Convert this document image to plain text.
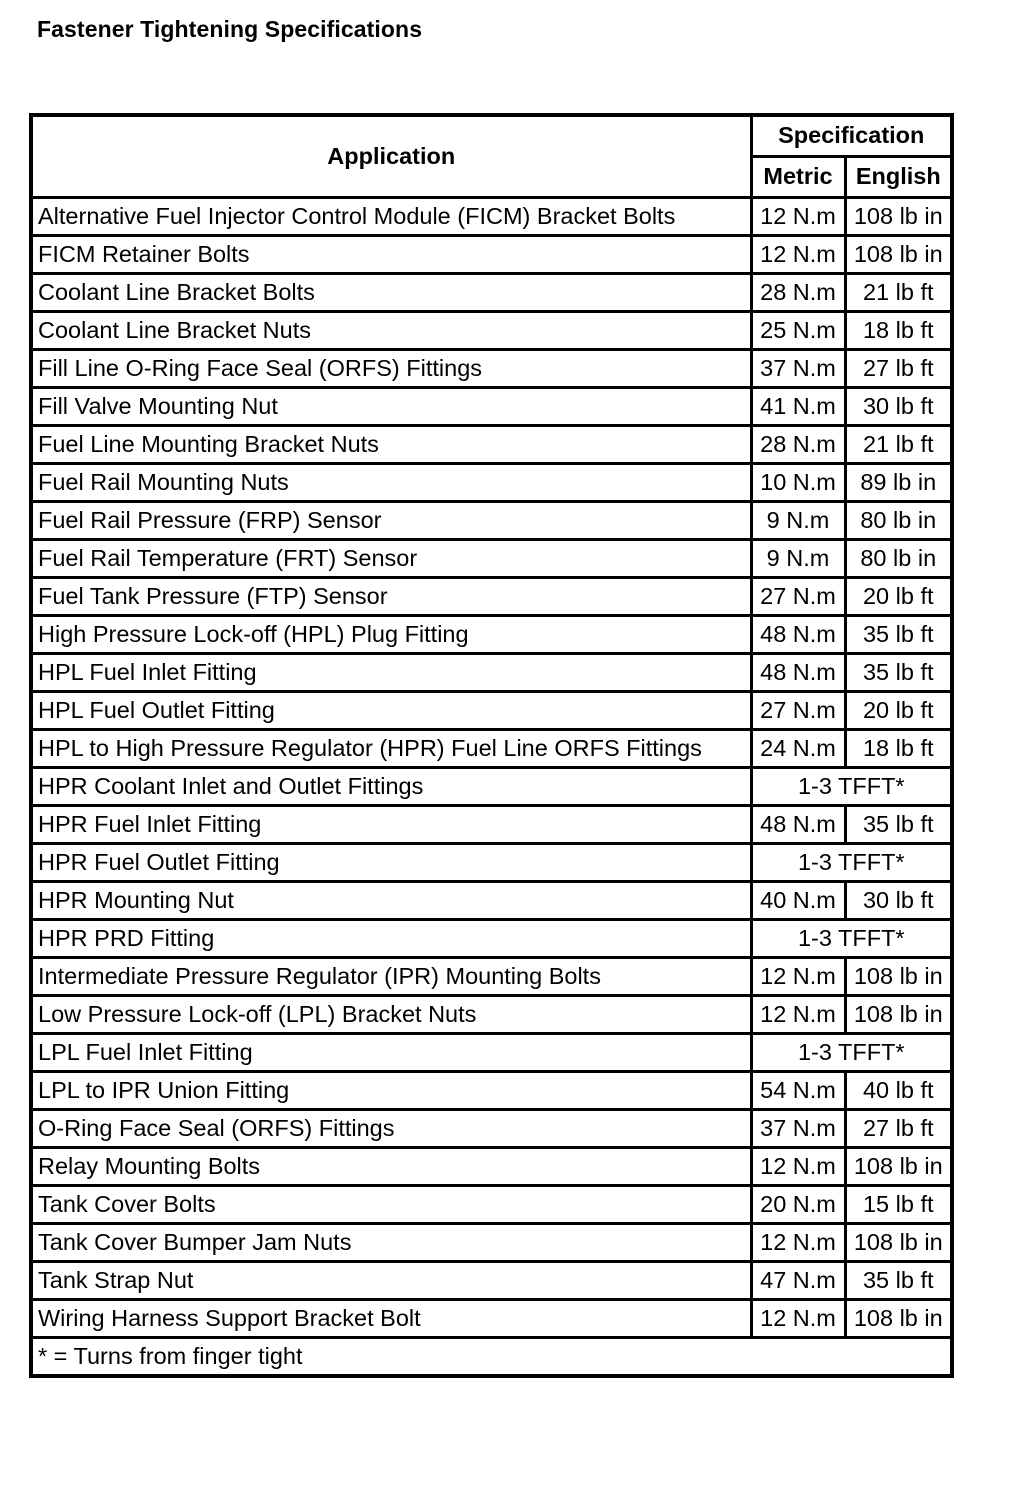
Fastener Tightening Specifications
Application	Specification	
	Metric	English
Alternative Fuel Injector Control Module (FICM) Bracket Bolts	12 N.m	108 lb in
FICM Retainer Bolts	12 N.m	108 lb in
Coolant Line Bracket Bolts	28 N.m	21 lb ft
Coolant Line Bracket Nuts	25 N.m	18 lb ft
Fill Line O-Ring Face Seal (ORFS) Fittings	37 N.m	27 lb ft
Fill Valve Mounting Nut	41 N.m	30 lb ft
Fuel Line Mounting Bracket Nuts	28 N.m	21 lb ft
Fuel Rail Mounting Nuts	10 N.m	89 lb in
Fuel Rail Pressure (FRP) Sensor	9 N.m	80 lb in
Fuel Rail Temperature (FRT) Sensor	9 N.m	80 lb in
Fuel Tank Pressure (FTP) Sensor	27 N.m	20 lb ft
High Pressure Lock-off (HPL) Plug Fitting	48 N.m	35 lb ft
HPL Fuel Inlet Fitting	48 N.m	35 lb ft
HPL Fuel Outlet Fitting	27 N.m	20 lb ft
HPL to High Pressure Regulator (HPR) Fuel Line ORFS Fittings	24 N.m	18 lb ft
HPR Coolant Inlet and Outlet Fittings	1-3 TFFT*	
HPR Fuel Inlet Fitting	48 N.m	35 lb ft
HPR Fuel Outlet Fitting	1-3 TFFT*	
HPR Mounting Nut	40 N.m	30 lb ft
HPR PRD Fitting	1-3 TFFT*	
Intermediate Pressure Regulator (IPR) Mounting Bolts	12 N.m	108 lb in
Low Pressure Lock-off (LPL) Bracket Nuts	12 N.m	108 lb in
LPL Fuel Inlet Fitting	1-3 TFFT*	
LPL to IPR Union Fitting	54 N.m	40 lb ft
O-Ring Face Seal (ORFS) Fittings	37 N.m	27 lb ft
Relay Mounting Bolts	12 N.m	108 lb in
Tank Cover Bolts	20 N.m	15 lb ft
Tank Cover Bumper Jam Nuts	12 N.m	108 lb in
Tank Strap Nut	47 N.m	35 lb ft
Wiring Harness Support Bracket Bolt	12 N.m	108 lb in
* = Turns from finger tight		
